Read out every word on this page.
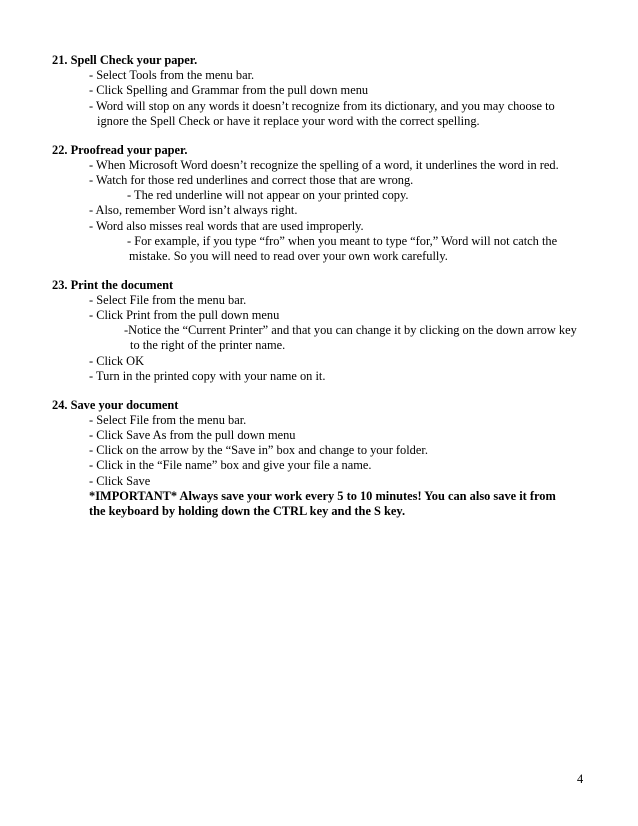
21. Spell Check your paper.
- Select Tools from the menu bar.
- Click Spelling and Grammar from the pull down menu
- Word will stop on any words it doesn’t recognize from its dictionary, and you may choose to
ignore the Spell Check or have it replace your word with the correct spelling.
22. Proofread your paper.
- When Microsoft Word doesn’t recognize the spelling of a word, it underlines the word in red.
- Watch for those red underlines and correct those that are wrong.
- The red underline will not appear on your printed copy.
- Also, remember Word isn’t always right.
- Word also misses real words that are used improperly.
- For example, if you type “fro” when you meant to type “for,” Word will not catch the
mistake. So you will need to read over your own work carefully.
23. Print the document
- Select File from the menu bar.
- Click Print from the pull down menu
-Notice the “Current Printer” and that you can change it by clicking on the down arrow key
to the right of the printer name.
- Click OK
- Turn in the printed copy with your name on it.
24. Save your document
- Select File from the menu bar.
- Click Save As from the pull down menu
- Click on the arrow by the “Save in” box and change to your folder.
- Click in the “File name” box and give your file a name.
- Click Save
*IMPORTANT* Always save your work every 5 to 10 minutes! You can also save it from
the keyboard by holding down the CTRL key and the S key.
4
